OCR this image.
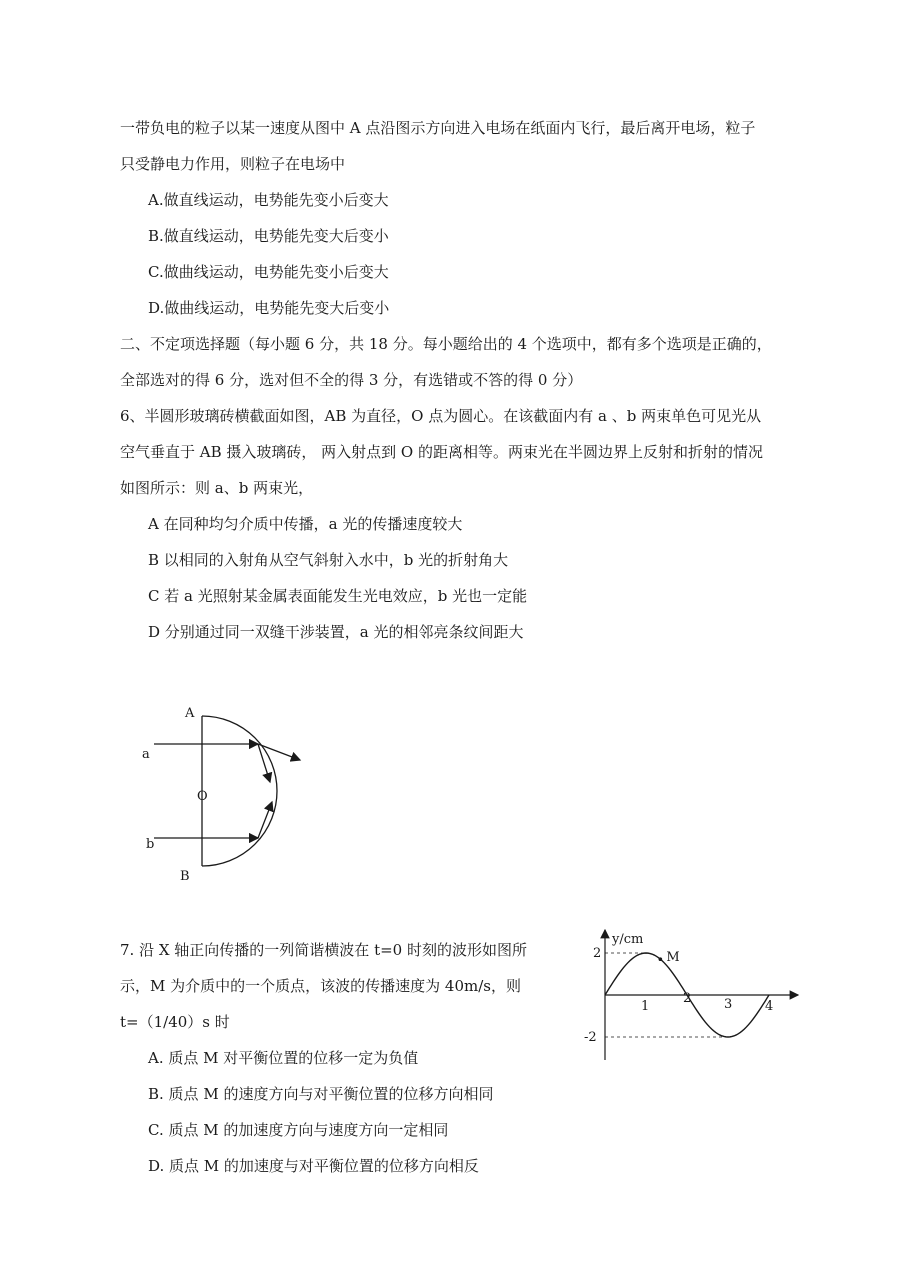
一带负电的粒子以某一速度从图中 A 点沿图示方向进入电场在纸面内飞行，最后离开电场，粒子
只受静电力作用，则粒子在电场中
A.做直线运动，电势能先变小后变大
B.做直线运动，电势能先变大后变小
C.做曲线运动，电势能先变小后变大
D.做曲线运动，电势能先变大后变小
二、不定项选择题（每小题 6 分，共 18 分。每小题给出的 4 个选项中，都有多个选项是正确的，
全部选对的得 6 分，选对但不全的得 3 分，有选错或不答的得 0 分）
6、半圆形玻璃砖横截面如图，AB 为直径，O 点为圆心。在该截面内有 a 、b 两束单色可见光从
空气垂直于 AB 摄入玻璃砖， 两入射点到 O 的距离相等。两束光在半圆边界上反射和折射的情况
如图所示：则 a、b 两束光，
A 在同种均匀介质中传播，a 光的传播速度较大
B 以相同的入射角从空气斜射入水中，b 光的折射角大
C 若 a 光照射某金属表面能发生光电效应，b 光也一定能
D 分别通过同一双缝干涉装置，a 光的相邻亮条纹间距大
A
B
O
a
b
7. 沿 X 轴正向传播的一列简谐横波在 t=0 时刻的波形如图所
示，M 为介质中的一个质点，该波的传播速度为 40m/s，则
t=（1/40）s 时
A. 质点 M 对平衡位置的位移一定为负值
B. 质点 M 的速度方向与对平衡位置的位移方向相同
C. 质点 M 的加速度方向与速度方向一定相同
D. 质点 M 的加速度与对平衡位置的位移方向相反
y/cm
2
-2
1
2	3	4
M
